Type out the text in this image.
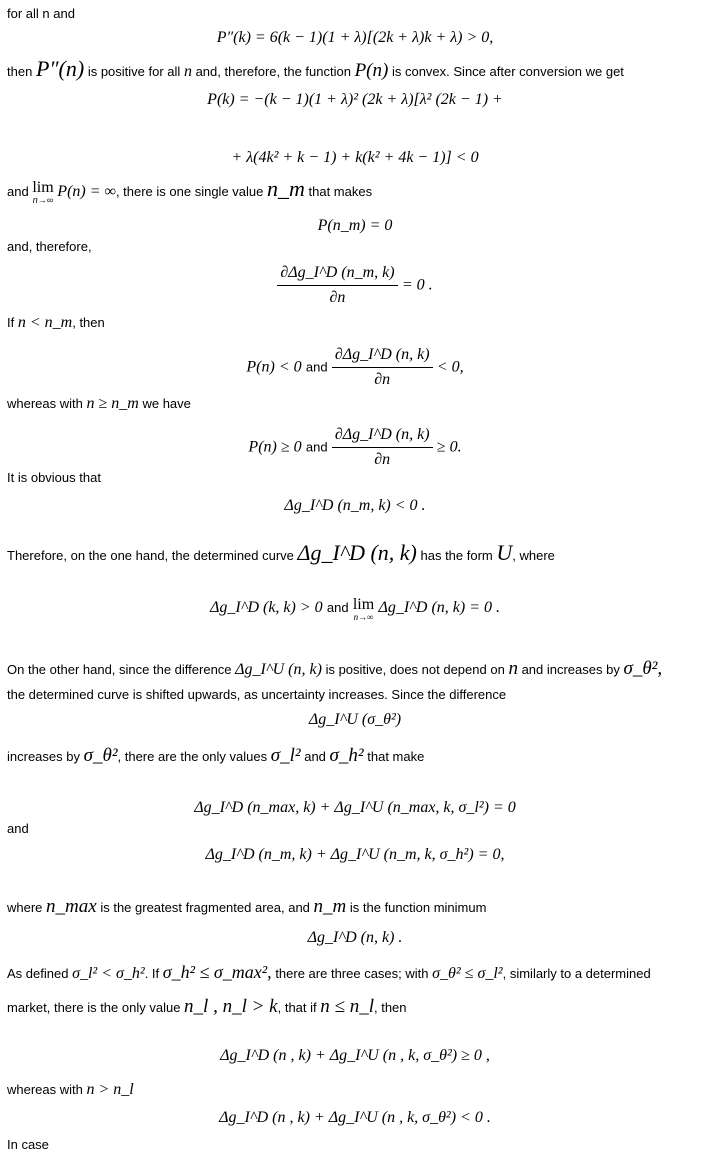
for all n and
P″(k) = 6(k − 1)(1 + λ)[(2k + λ)k + λ) > 0,
then P″(n) is positive for all n and, therefore, the function P(n) is convex. Since after conversion we get
P(k) = −(k − 1)(1 + λ)² (2k + λ)[λ² (2k − 1) +
+ λ(4k² + k − 1) + k(k² + 4k − 1)] < 0
and lim
n→∞ P(n) = ∞, there is one single value n_m that makes
P(n_m) = 0
and, therefore,
$\frac{\partial\Delta g\_I\^{}D (n\_m, k)}{\partial n} = 0$ .
If n < n_m, then
P(n) < 0 and $\frac{\partial\Delta g\_I\^{}D (n, k)}{\partial n} < 0$,
whereas with n ≥ n_m we have
P(n) ≥ 0 and $\frac{\partial\Delta g\_I\^{}D (n, k)}{\partial n} \ge 0$.
It is obvious that
Δg_I^D (n_m, k) < 0 .
Therefore, on the one hand, the determined curve Δg_I^D (n, k) has the form U, where
Δg_I^D (k, k) > 0 and lim
n→∞
Δg_I^D (n, k) = 0 .
On the other hand, since the difference Δg_I^U (n, k) is positive, does not depend on n and increases by σ_θ²,
the determined curve is shifted upwards, as uncertainty increases. Since the difference
Δg_I^U (σ_θ²)
increases by σ_θ², there are the only values σ_l² and σ_h² that make
Δg_I^D (n_max, k) + Δg_I^U (n_max, k, σ_l²) = 0
and
Δg_I^D (n_m, k) + Δg_I^U (n_m, k, σ_h²) = 0,
where n_max is the greatest fragmented area, and n_m is the function minimum
Δg_I^D (n, k) .
As defined σ_l² < σ_h². If σ_h² ≤ σ_max², there are three cases; with σ_θ² ≤ σ_l², similarly to a determined
market, there is the only value n_l , n_l > k, that if n ≤ n_l, then
Δg_I^D (n , k) + Δg_I^U (n , k, σ_θ²) ≥ 0 ,
whereas with n > n_l
Δg_I^D (n , k) + Δg_I^U (n , k, σ_θ²) < 0 .
In case
